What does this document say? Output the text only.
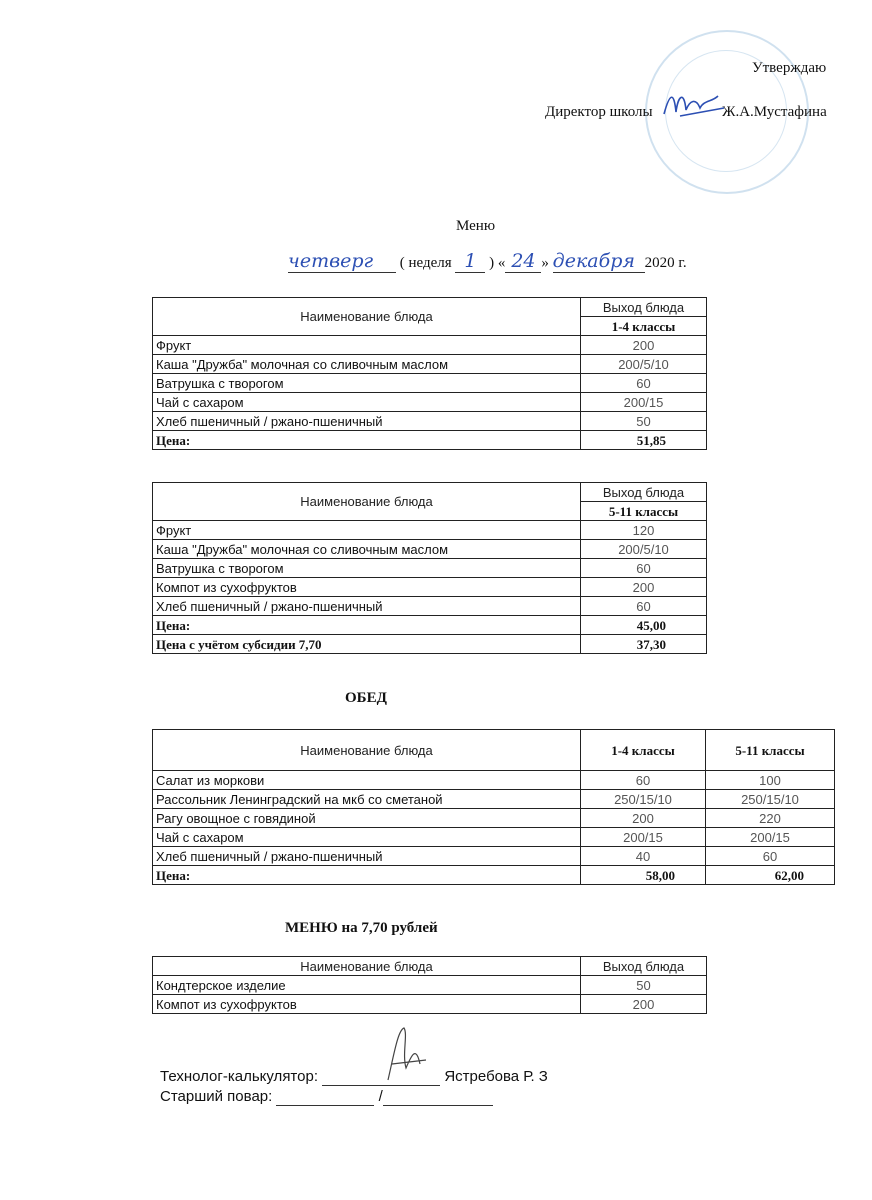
Утверждаю
Директор школы	Ж.А.Мустафина
Меню
четверг ( неделя 1 ) « 24 » декабря 2020 г.
Наименование блюда	Выход блюда
	1-4 классы
Фрукт	200
Каша "Дружба" молочная со сливочным маслом	200/5/10
Ватрушка с творогом	60
Чай с сахаром	200/15
Хлеб пшеничный / ржано-пшеничный	50
Цена:	51,85
Наименование блюда	Выход блюда
	5-11 классы
Фрукт	120
Каша "Дружба" молочная со сливочным маслом	200/5/10
Ватрушка с творогом	60
Компот из сухофруктов	200
Хлеб пшеничный / ржано-пшеничный	60
Цена:	45,00
Цена с учётом субсидии 7,70	37,30
ОБЕД
Наименование блюда	1-4 классы	5-11 классы
Салат из моркови	60	100
Рассольник Ленинградский на мкб со сметаной	250/15/10	250/15/10
Рагу овощное с говядиной	200	220
Чай с сахаром	200/15	200/15
Хлеб пшеничный / ржано-пшеничный	40	60
Цена:	58,00	62,00
МЕНЮ на 7,70 рублей
Наименование блюда	Выход блюда
Кондтерское изделие	50
Компот из сухофруктов	200
Технолог-калькулятор:	Ястребова Р. З
Старший повар:	/
